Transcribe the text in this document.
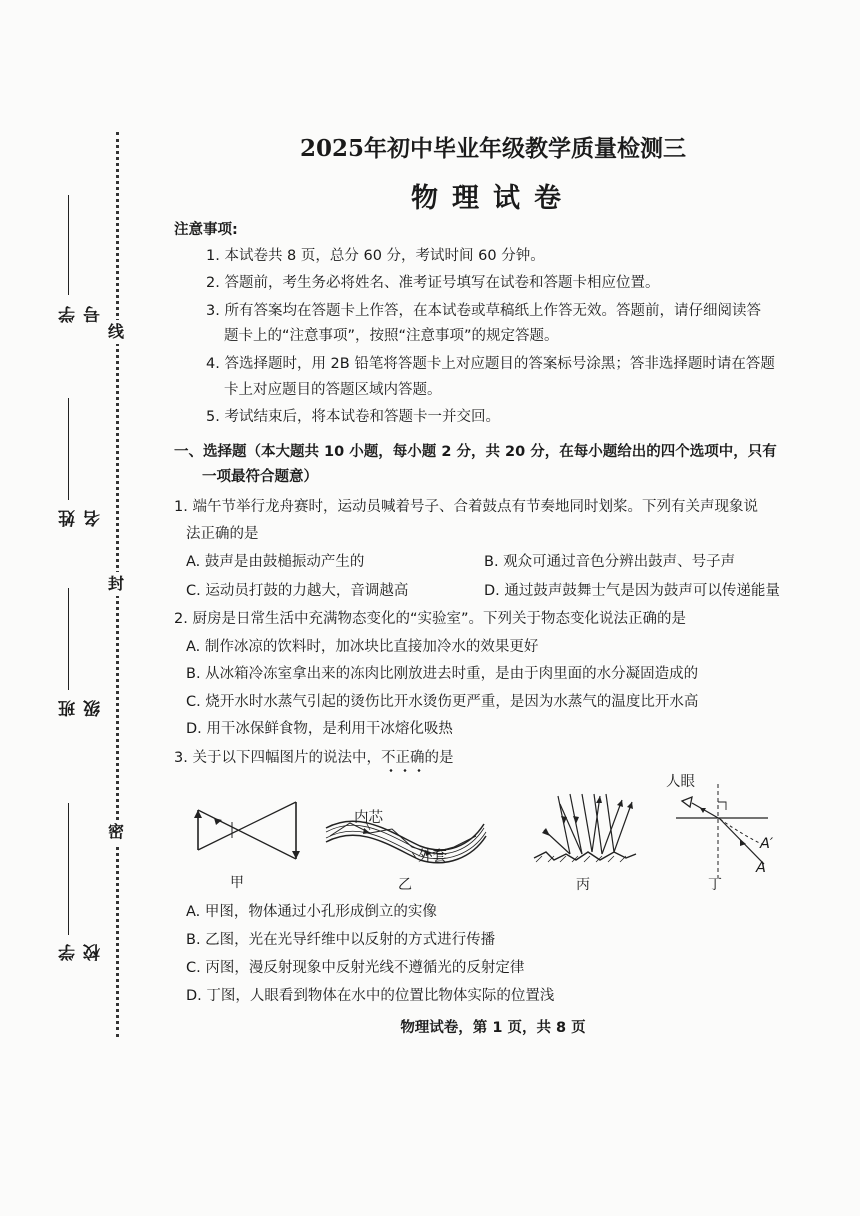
线
封
密
学号
姓名
班级
学校
2025年初中毕业年级教学质量检测三
物理试卷
注意事项:
1. 本试卷共 8 页，总分 60 分，考试时间 60 分钟。
2. 答题前，考生务必将姓名、准考证号填写在试卷和答题卡相应位置。
3. 所有答案均在答题卡上作答，在本试卷或草稿纸上作答无效。答题前，请仔细阅读答
题卡上的“注意事项”，按照“注意事项”的规定答题。
4. 答选择题时，用 2B 铅笔将答题卡上对应题目的答案标号涂黑；答非选择题时请在答题
卡上对应题目的答题区域内答题。
5. 考试结束后，将本试卷和答题卡一并交回。
一、选择题（本大题共 10 小题，每小题 2 分，共 20 分，在每小题给出的四个选项中，只有
一项最符合题意）
1. 端午节举行龙舟赛时，运动员喊着号子、合着鼓点有节奏地同时划桨。下列有关声现象说
法正确的是
A. 鼓声是由鼓槌振动产生的	B. 观众可通过音色分辨出鼓声、号子声
C. 运动员打鼓的力越大，音调越高	D. 通过鼓声鼓舞士气是因为鼓声可以传递能量
2. 厨房是日常生活中充满物态变化的“实验室”。下列关于物态变化说法正确的是
A. 制作冰凉的饮料时，加冰块比直接加冷水的效果更好
B. 从冰箱冷冻室拿出来的冻肉比刚放进去时重，是由于肉里面的水分凝固造成的
C. 烧开水时水蒸气引起的烫伤比开水烫伤更严重，是因为水蒸气的温度比开水高
D. 用干冰保鲜食物，是利用干冰熔化吸热
3. 关于以下四幅图片的说法中，不正确的是
甲
内芯
外套
乙	丙
人眼
A′
A
丁
A. 甲图，物体通过小孔形成倒立的实像
B. 乙图，光在光导纤维中以反射的方式进行传播
C. 丙图，漫反射现象中反射光线不遵循光的反射定律
D. 丁图，人眼看到物体在水中的位置比物体实际的位置浅
物理试卷，第 1 页，共 8 页
